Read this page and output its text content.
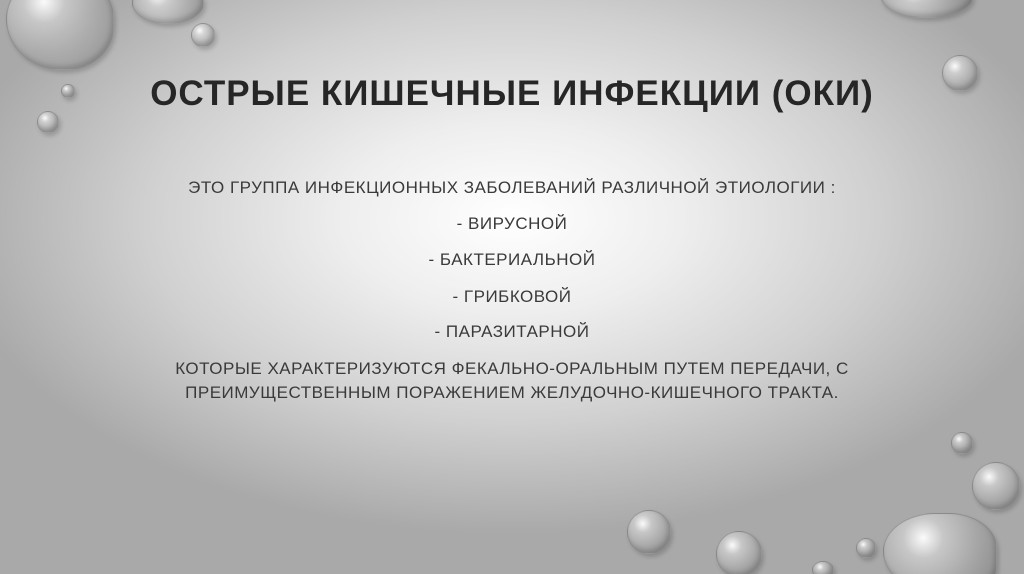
ОСТРЫЕ КИШЕЧНЫЕ ИНФЕКЦИИ (ОКИ)
ЭТО ГРУППА ИНФЕКЦИОННЫХ ЗАБОЛЕВАНИЙ РАЗЛИЧНОЙ ЭТИОЛОГИИ :
- ВИРУСНОЙ
- БАКТЕРИАЛЬНОЙ
- ГРИБКОВОЙ
- ПАРАЗИТАРНОЙ
КОТОРЫЕ ХАРАКТЕРИЗУЮТСЯ ФЕКАЛЬНО-ОРАЛЬНЫМ ПУТЕМ ПЕРЕДАЧИ, С
ПРЕИМУЩЕСТВЕННЫМ ПОРАЖЕНИЕМ ЖЕЛУДОЧНО-КИШЕЧНОГО ТРАКТА.
